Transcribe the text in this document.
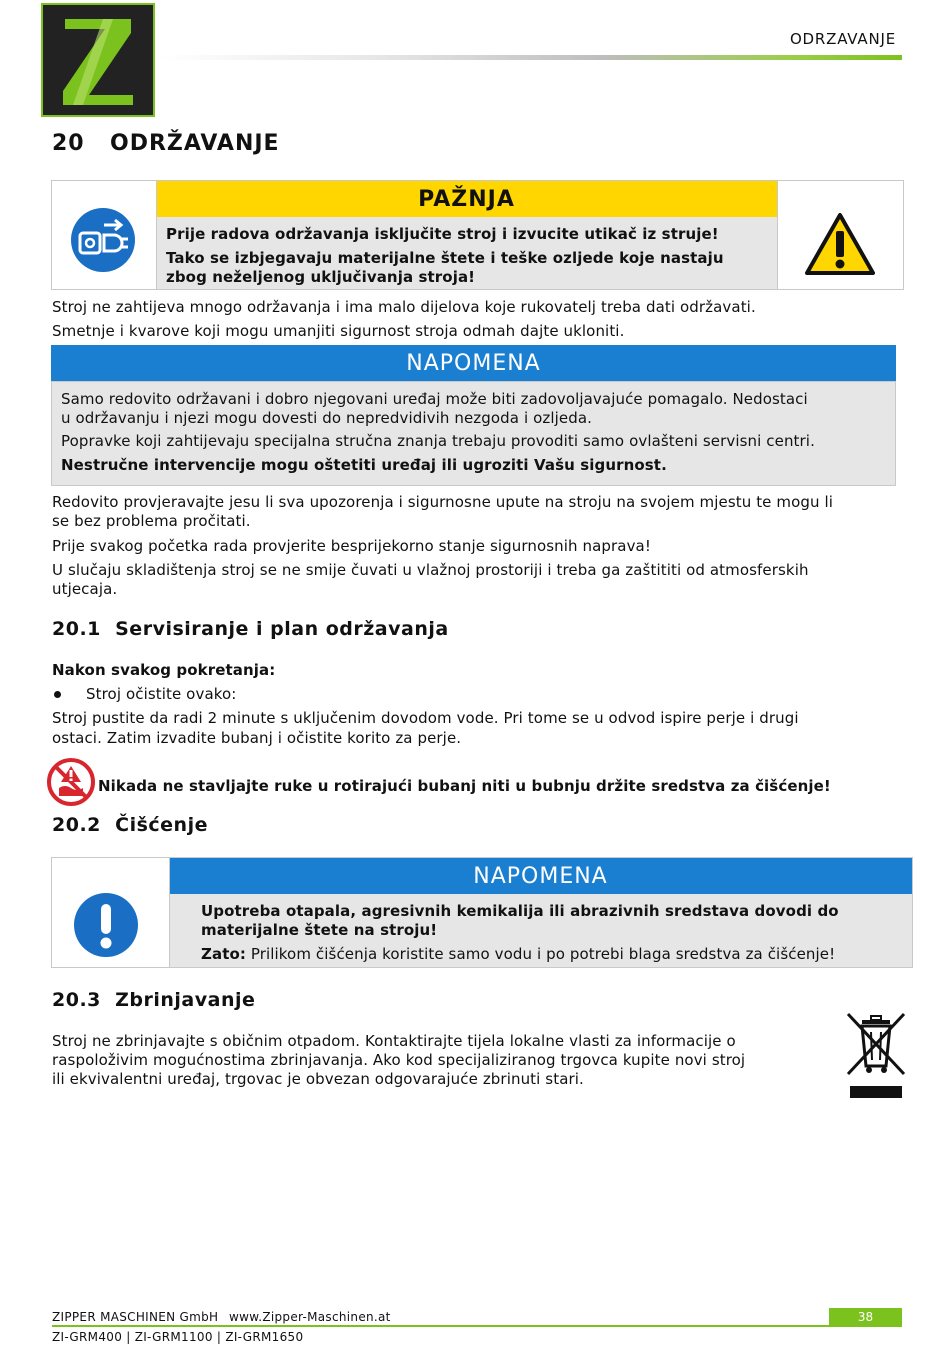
ODRZAVANJE
20 ODRŽAVANJE
PAŽNJA
Prije radova održavanja isključite stroj i izvucite utikač iz struje!
Tako se izbjegavaju materijalne štete i teške ozljede koje nastaju
zbog neželjenog uključivanja stroja!
Stroj ne zahtijeva mnogo održavanja i ima malo dijelova koje rukovatelj treba dati održavati.
Smetnje i kvarove koji mogu umanjiti sigurnost stroja odmah dajte ukloniti.
NAPOMENA
Samo redovito održavani i dobro njegovani uređaj može biti zadovoljavajuće pomagalo. Nedostaci
u održavanju i njezi mogu dovesti do nepredvidivih nezgoda i ozljeda.
Popravke koji zahtijevaju specijalna stručna znanja trebaju provoditi samo ovlašteni servisni centri.
Nestručne intervencije mogu oštetiti uređaj ili ugroziti Vašu sigurnost.
Redovito provjeravajte jesu li sva upozorenja i sigurnosne upute na stroju na svojem mjestu te mogu li
se bez problema pročitati.
Prije svakog početka rada provjerite besprijekorno stanje sigurnosnih naprava!
U slučaju skladištenja stroj se ne smije čuvati u vlažnoj prostoriji i treba ga zaštititi od atmosferskih
utjecaja.
20.1 Servisiranje i plan održavanja
Nakon svakog pokretanja:
Stroj očistite ovako:
Stroj pustite da radi 2 minute s uključenim dovodom vode. Pri tome se u odvod ispire perje i drugi
ostaci. Zatim izvadite bubanj i očistite korito za perje.
Nikada ne stavljajte ruke u rotirajući bubanj niti u bubnju držite sredstva za čišćenje!
20.2 Čišćenje
NAPOMENA
Upotreba otapala, agresivnih kemikalija ili abrazivnih sredstava dovodi do
materijalne štete na stroju!
Zato: Prilikom čišćenja koristite samo vodu i po potrebi blaga sredstva za čišćenje!
20.3 Zbrinjavanje
Stroj ne zbrinjavajte s običnim otpadom. Kontaktirajte tijela lokalne vlasti za informacije o
raspoloživim mogućnostima zbrinjavanja. Ako kod specijaliziranog trgovca kupite novi stroj
ili ekvivalentni uređaj, trgovac je obvezan odgovarajuće zbrinuti stari.
ZIPPER MASCHINEN GmbH www.Zipper-Maschinen.at	38
ZI-GRM400 | ZI-GRM1100 | ZI-GRM1650
